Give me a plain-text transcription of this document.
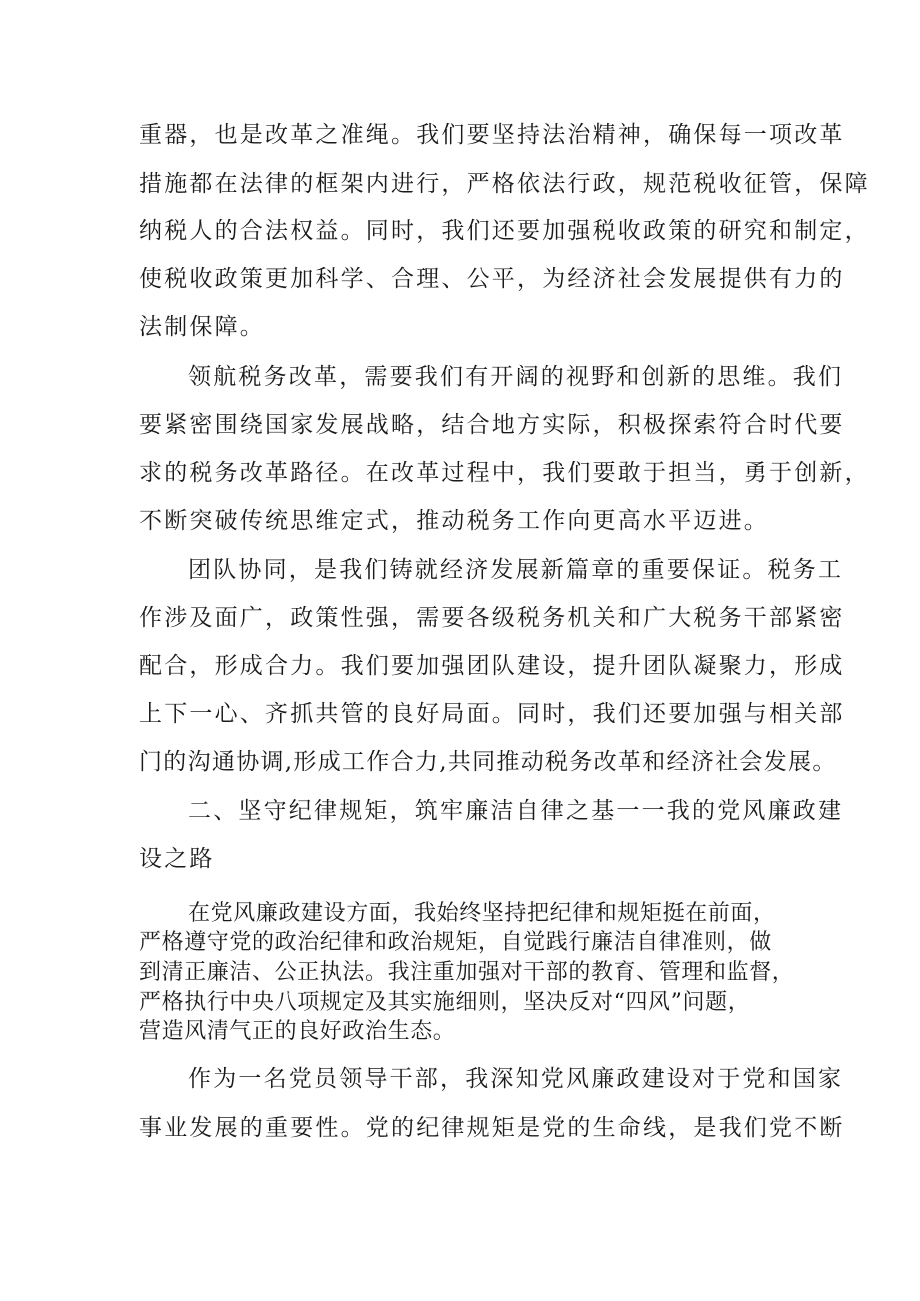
重器，也是改革之准绳。我们要坚持法治精神，确保每一项改革

措施都在法律的框架内进行，严格依法行政，规范税收征管，保障

纳税人的合法权益。同时，我们还要加强税收政策的研究和制定，

使税收政策更加科学、合理、公平，为经济社会发展提供有力的

法制保障。

领航税务改革，需要我们有开阔的视野和创新的思维。我们

要紧密围绕国家发展战略，结合地方实际，积极探索符合时代要

求的税务改革路径。在改革过程中，我们要敢于担当，勇于创新，

不断突破传统思维定式，推动税务工作向更高水平迈进。

团队协同，是我们铸就经济发展新篇章的重要保证。税务工

作涉及面广，政策性强，需要各级税务机关和广大税务干部紧密

配合，形成合力。我们要加强团队建设，提升团队凝聚力，形成

上下一心、齐抓共管的良好局面。同时，我们还要加强与相关部

门的沟通协调,形成工作合力,共同推动税务改革和经济社会发展。

二、坚守纪律规矩，筑牢廉洁自律之基一一我的党风廉政建

设之路

在党风廉政建设方面，我始终坚持把纪律和规矩挺在前面，

严格遵守党的政治纪律和政治规矩，自觉践行廉洁自律准则，做

到清正廉洁、公正执法。我注重加强对干部的教育、管理和监督，

严格执行中央八项规定及其实施细则，坚决反对“四风”问题，

营造风清气正的良好政治生态。

作为一名党员领导干部，我深知党风廉政建设对于党和国家

事业发展的重要性。党的纪律规矩是党的生命线，是我们党不断
